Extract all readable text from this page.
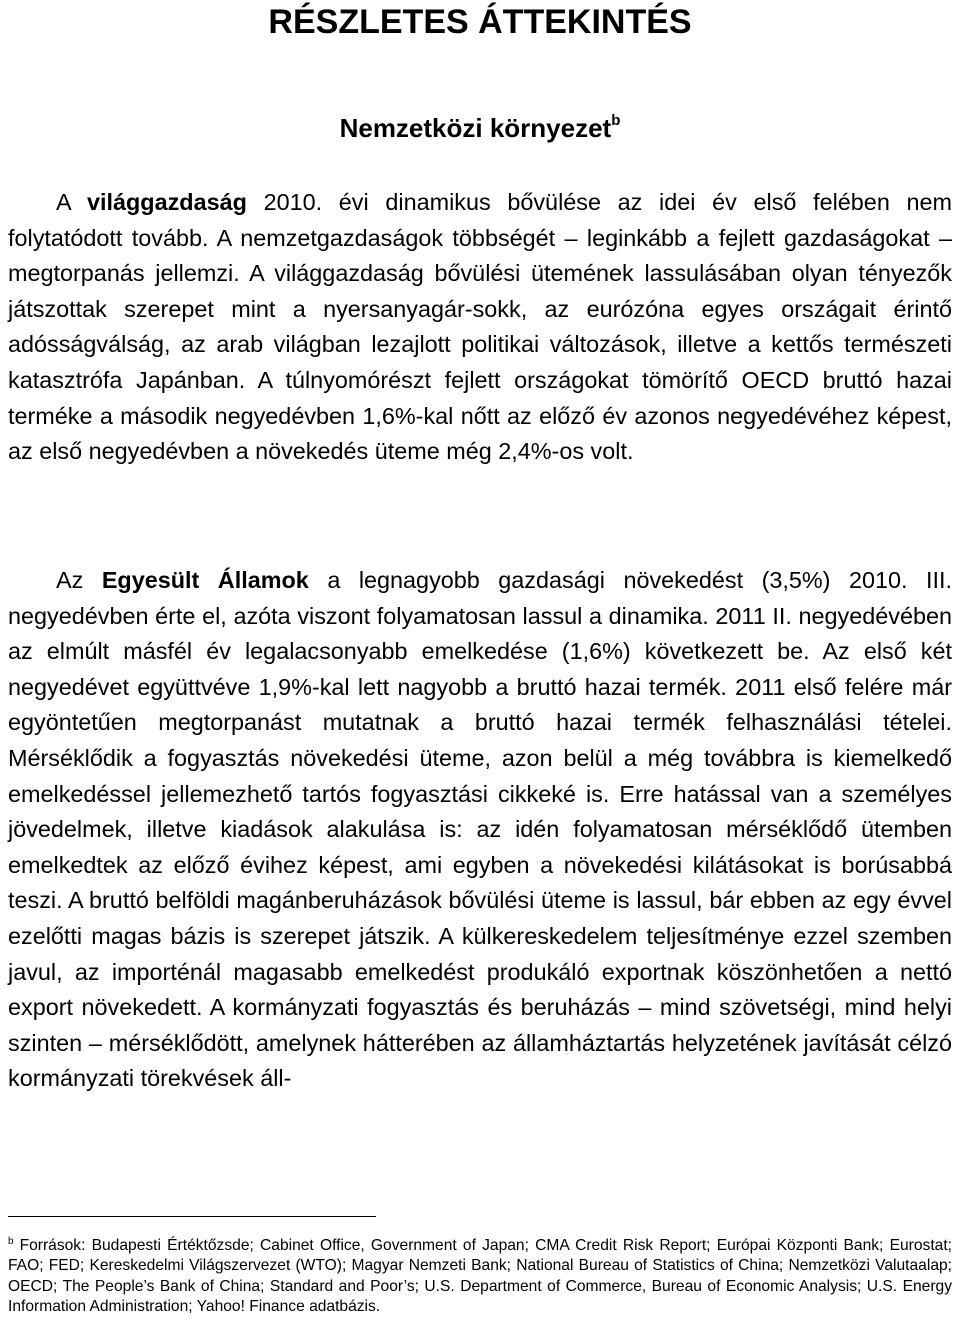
RÉSZLETES ÁTTEKINTÉS
Nemzetközi környezet$^b$

A világgazdaság 2010. évi dinamikus bővülése az idei év első felében nem folytatódott tovább. A nemzetgazdaságok többségét – leginkább a fejlett gazdaságokat – megtorpanás jellemzi. A világgazdaság bővülési ütemének lassulásában olyan tényezők játszottak szerepet mint a nyersanyagár-sokk, az eurózóna egyes országait érintő adósságválság, az arab világban lezajlott politikai változások, illetve a kettős természeti katasztrófa Japánban. A túlnyomórészt fejlett országokat tömörítő OECD bruttó hazai terméke a második negyedévben 1,6%-kal nőtt az előző év azonos negyedévéhez képest, az első negyedévben a növekedés üteme még 2,4%-os volt.

Az Egyesült Államok a legnagyobb gazdasági növekedést (3,5%) 2010. III. negyedévben érte el, azóta viszont folyamatosan lassul a dinamika. 2011 II. negyedévében az elmúlt másfél év legalacsonyabb emelkedése (1,6%) következett be. Az első két negyedévet együttvéve 1,9%-kal lett nagyobb a bruttó hazai termék. 2011 első felére már egyöntetűen megtorpanást mutatnak a bruttó hazai termék felhasználási tételei. Mérséklődik a fogyasztás növekedési üteme, azon belül a még továbbra is kiemelkedő emelkedéssel jellemezhető tartós fogyasztási cikkeké is. Erre hatással van a személyes jövedelmek, illetve kiadások alakulása is: az idén folyamatosan mérséklődő ütemben emelkedtek az előző évihez képest, ami egyben a növekedési kilátásokat is borúsabbá teszi. A bruttó belföldi magánberuházások bővülési üteme is lassul, bár ebben az egy évvel ezelőtti magas bázis is szerepet játszik. A külkereskedelem teljesítménye ezzel szemben javul, az importénál magasabb emelkedést produkáló exportnak köszönhetően a nettó export növekedett. A kormányzati fogyasztás és beruházás – mind szövetségi, mind helyi szinten – mérséklődött, amelynek hátterében az államháztartás helyzetének javítását célzó kormányzati törekvések áll-

$^b$ Források: Budapesti Értéktőzsde; Cabinet Office, Government of Japan; CMA Credit Risk Report; Európai Központi Bank; Eurostat; FAO; FED; Kereskedelmi Világszervezet (WTO); Magyar Nemzeti Bank; National Bureau of Statistics of China; Nemzetközi Valutaalap; OECD; The People’s Bank of China; Standard and Poor’s; U.S. Department of Commerce, Bureau of Economic Analysis; U.S. Energy Information Administration; Yahoo! Finance adatbázis.
